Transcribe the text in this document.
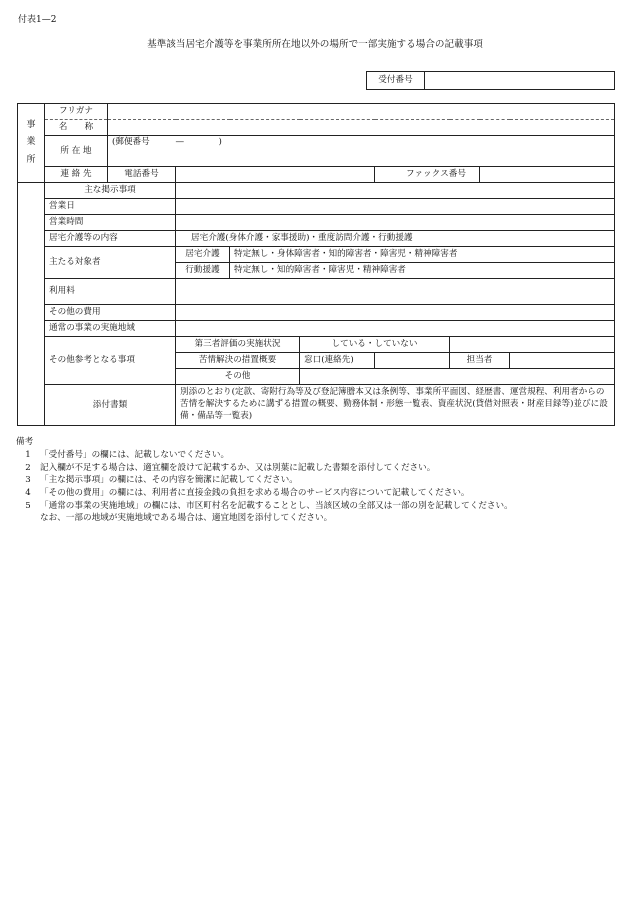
付表1—2
基準該当居宅介護等を事業所所在地以外の場所で一部実施する場合の記載事項
受付番号	
事
業
所	フリガナ								
	名　　称								
	所 在 地	(郵便番号　　　—　　　　)							
	連 絡 先	電話番号				ファックス番号			
	主な掲示事項								
	営業日								
	営業時間								
	居宅介護等の内容		居宅介護(身体介護・家事援助)・重度訪問介護・行動援護						
	主たる対象者		居宅介護	特定無し・身体障害者・知的障害者・障害児・精神障害者					
			行動援護	特定無し・知的障害者・障害児・精神障害者					
	利用料								
	その他の費用								
	通常の事業の実施地域								
	その他参考となる事項		第三者評価の実施状況		している・していない				
			苦情解決の措置概要		窓口(連絡先)		担当者		
			その他						
	添付書類		別添のとおり(定款、寄附行為等及び登記簿謄本又は条例等、事業所平面図、経歴書、運営規程、利用者からの苦情を解決するために講ずる措置の概要、勤務体制・形態一覧表、資産状況(貸借対照表・財産目録等)並びに設備・備品等一覧表)						
備考
1	「受付番号」の欄には、記載しないでください。
2	記入欄が不足する場合は、適宜欄を設けて記載するか、又は別葉に記載した書類を添付してください。
3	「主な掲示事項」の欄には、その内容を簡潔に記載してください。
4	「その他の費用」の欄には、利用者に直接金銭の負担を求める場合のサービス内容について記載してください。
5	「通常の事業の実施地域」の欄には、市区町村名を記載することとし、当該区域の全部又は一部の別を記載してください。
なお、一部の地域が実施地域である場合は、適宜地図を添付してください。
